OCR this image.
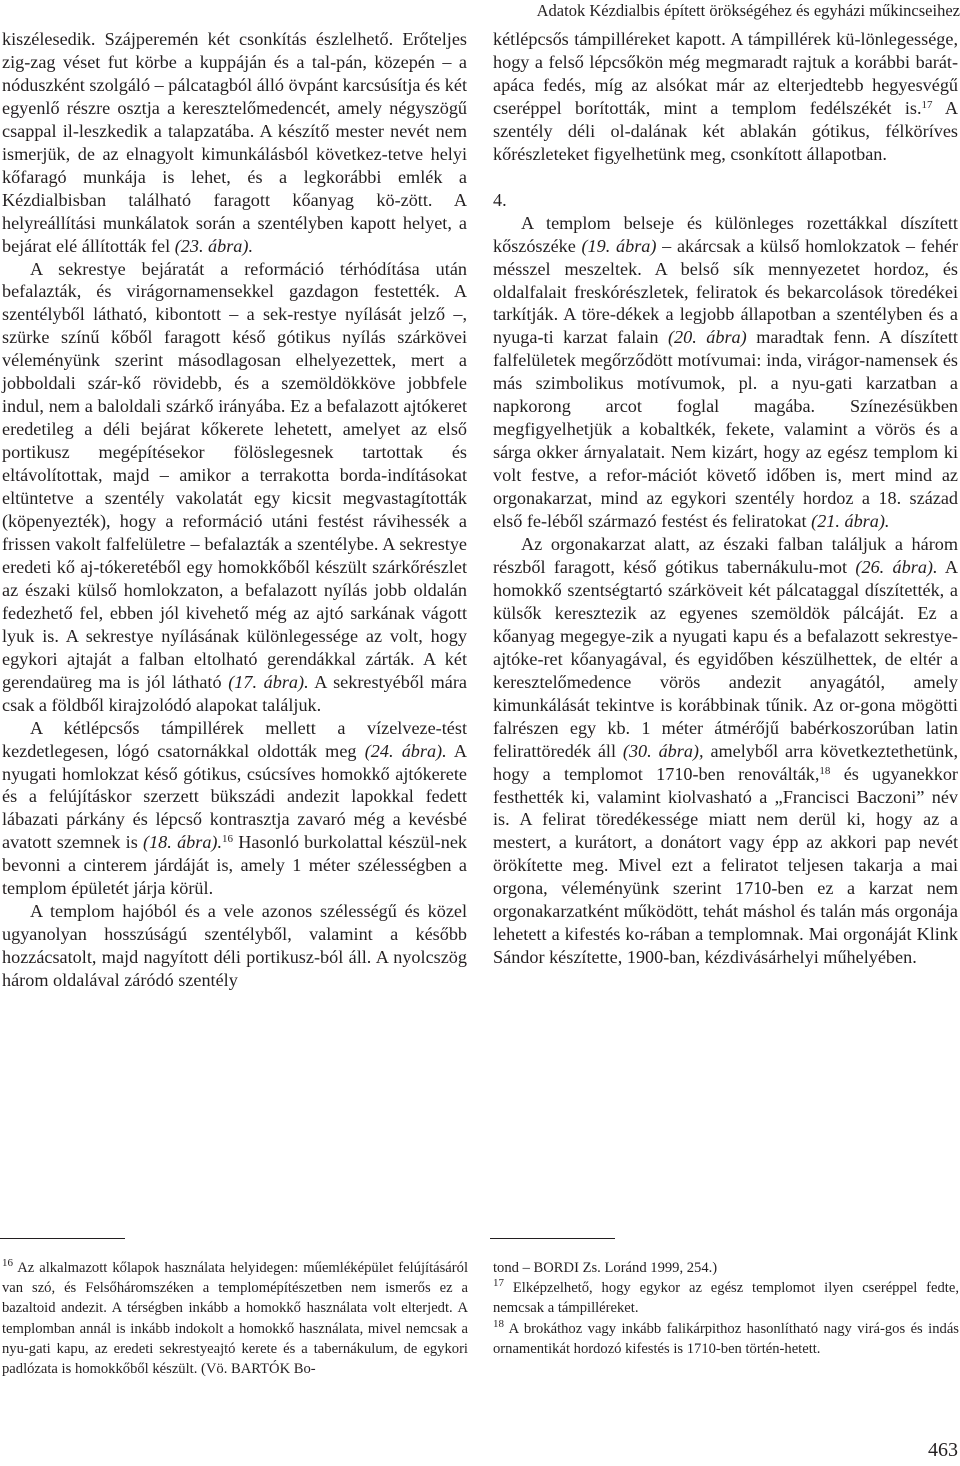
Adatok Kézdialbis épített örökségéhez és egyházi műkincseihez

kiszélesedik. Szájperemén két csonkítás észlelhető. Erőteljes zig-zag véset fut körbe a kuppáján és a tal-pán, közepén – a nóduszként szolgáló – pálcatagból álló övpánt karcsúsítja és két egyenlő részre osztja a keresztelőmedencét, amely négyszögű csappal il-leszkedik a talapzatába. A készítő mester nevét nem ismerjük, de az elnagyolt kimunkálásból következ-tetve helyi kőfaragó munkája is lehet, és a legkorábbi emlék a Kézdialbisban található faragott kőanyag kö-zött. A helyreállítási munkálatok során a szentélyben kapott helyet, a bejárat elé állították fel (23. ábra).

A sekrestye bejáratát a reformáció térhódítása után befalazták, és virágornamensekkel gazdagon festették. A szentélyből látható, kibontott – a sek-restye nyílását jelző –, szürke színű kőből faragott késő gótikus nyílás szárkövei véleményünk szerint másodlagosan elhelyezettek, mert a jobboldali szár-kő rövidebb, és a szemöldökköve jobbfele indul, nem a baloldali szárkő irányába. Ez a befalazott ajtókeret eredetileg a déli bejárat kőkerete lehetett, amelyet az első portikusz megépítésekor fölöslegesnek tartottak és eltávolítottak, majd – amikor a terrakotta borda-indításokat eltüntetve a szentély vakolatát egy kicsit megvastagították (köpenyezték), hogy a reformáció utáni festést rávihessék a frissen vakolt falfelületre – befalazták a szentélybe. A sekrestye eredeti kő aj-tókeretéből egy homokkőből készült szárkőrészlet az északi külső homlokzaton, a befalazott nyílás jobb oldalán fedezhető fel, ebben jól kivehető még az ajtó sarkának vágott lyuk is. A sekrestye nyílásának különlegessége az volt, hogy egykori ajtaját a falban eltolható gerendákkal zárták. A két gerendaüreg ma is jól látható (17. ábra). A sekrestyéből mára csak a földből kirajzolódó alapokat találjuk.

A kétlépcsős támpillérek mellett a vízelveze-tést kezdetlegesen, lógó csatornákkal oldották meg (24. ábra). A nyugati homlokzat késő gótikus, csúcsíves homokkő ajtókerete és a felújításkor szerzett bükszádi andezit lapokkal fedett lábazati párkány és lépcső kontrasztja zavaró még a kevésbé avatott szemnek is (18. ábra).$^{16}$ Hasonló burkolattal készül-nek bevonni a cinterem járdáját is, amely 1 méter szélességben a templom épületét járja körül.

A templom hajóból és a vele azonos szélességű és közel ugyanolyan hosszúságú szentélyből, valamint a később hozzácsatolt, majd nagyított déli portikusz-ból áll. A nyolcszög három oldalával záródó szentély

kétlépcsős támpilléreket kapott. A támpillérek kü-lönlegessége, hogy a felső lépcsőkön még megmaradt rajtuk a korábbi barát-apáca fedés, míg az alsókat már az elterjedtebb hegyesvégű cseréppel borították, mint a templom fedélszékét is.$^{17}$ A szentély déli ol-dalának két ablakán gótikus, félköríves kőrészleteket figyelhetünk meg, csonkított állapotban.

4.

A templom belseje és különleges rozettákkal díszített kőszószéke (19. ábra) – akárcsak a külső homlokzatok – fehér mésszel meszeltek. A belső sík mennyezetet hordoz, és oldalfalait freskórészletek, feliratok és bekarcolások töredékei tarkítják. A töre-dékek a legjobb állapotban a szentélyben és a nyuga-ti karzat falain (20. ábra) maradtak fenn. A díszített falfelületek megőrződött motívumai: inda, virágor-namensek és más szimbolikus motívumok, pl. a nyu-gati karzatban a napkorong arcot foglal magába. Színezésükben megfigyelhetjük a kobaltkék, fekete, valamint a vörös és a sárga okker árnyalatait. Nem kizárt, hogy az egész templom ki volt festve, a refor-mációt követő időben is, mert mind az orgonakarzat, mind az egykori szentély hordoz a 18. század első fe-léből származó festést és feliratokat (21. ábra).

Az orgonakarzat alatt, az északi falban találjuk a három részből faragott, késő gótikus tabernákulu-mot (26. ábra). A homokkő szentségtartó szárköveit két pálcataggal díszítették, a külsők keresztezik az egyenes szemöldök pálcáját. Ez a kőanyag megegye-zik a nyugati kapu és a befalazott sekrestye-ajtóke-ret kőanyagával, és egyidőben készülhettek, de eltér a keresztelőmedence vörös andezit anyagától, amely kimunkálását tekintve is korábbinak tűnik. Az or-gona mögötti falrészen egy kb. 1 méter átmérőjű babérkoszorúban latin felirattöredék áll (30. ábra), amelyből arra következtethetünk, hogy a templomot 1710-ben renoválták,$^{18}$ és ugyanekkor festhették ki, valamint kiolvasható a „Francisci Baczoni” név is. A felirat töredékessége miatt nem derül ki, hogy az a mestert, a kurátort, a donátort vagy épp az akkori pap nevét örökítette meg. Mivel ezt a feliratot teljesen takarja a mai orgona, véleményünk szerint 1710-ben ez a karzat nem orgonakarzatként működött, tehát máshol és talán más orgonája lehetett a kifestés ko-rában a templomnak. Mai orgonáját Klink Sándor készítette, 1900-ban, kézdivásárhelyi műhelyében.

$^{16}$ Az alkalmazott kőlapok használata helyidegen: műemléképület felújításáról van szó, és Felsőháromszéken a templomépítészetben nem ismerős ez a bazaltoid andezit. A térségben inkább a homokkő használata volt elterjedt. A templomban annál is inkább indokolt a homokkő használata, mivel nemcsak a nyu-gati kapu, az eredeti sekrestyeajtó kerete és a tabernákulum, de egykori padlózata is homokkőből készült. (Vö. BARTÓK Bo-

tond – BORDI Zs. Loránd 1999, 254.)

$^{17}$ Elképzelhető, hogy egykor az egész templomot ilyen cseréppel fedte, nemcsak a támpilléreket.

$^{18}$ A brokáthoz vagy inkább falikárpithoz hasonlítható nagy virá-gos és indás ornamentikát hordozó kifestés is 1710-ben történ-hetett.

463
